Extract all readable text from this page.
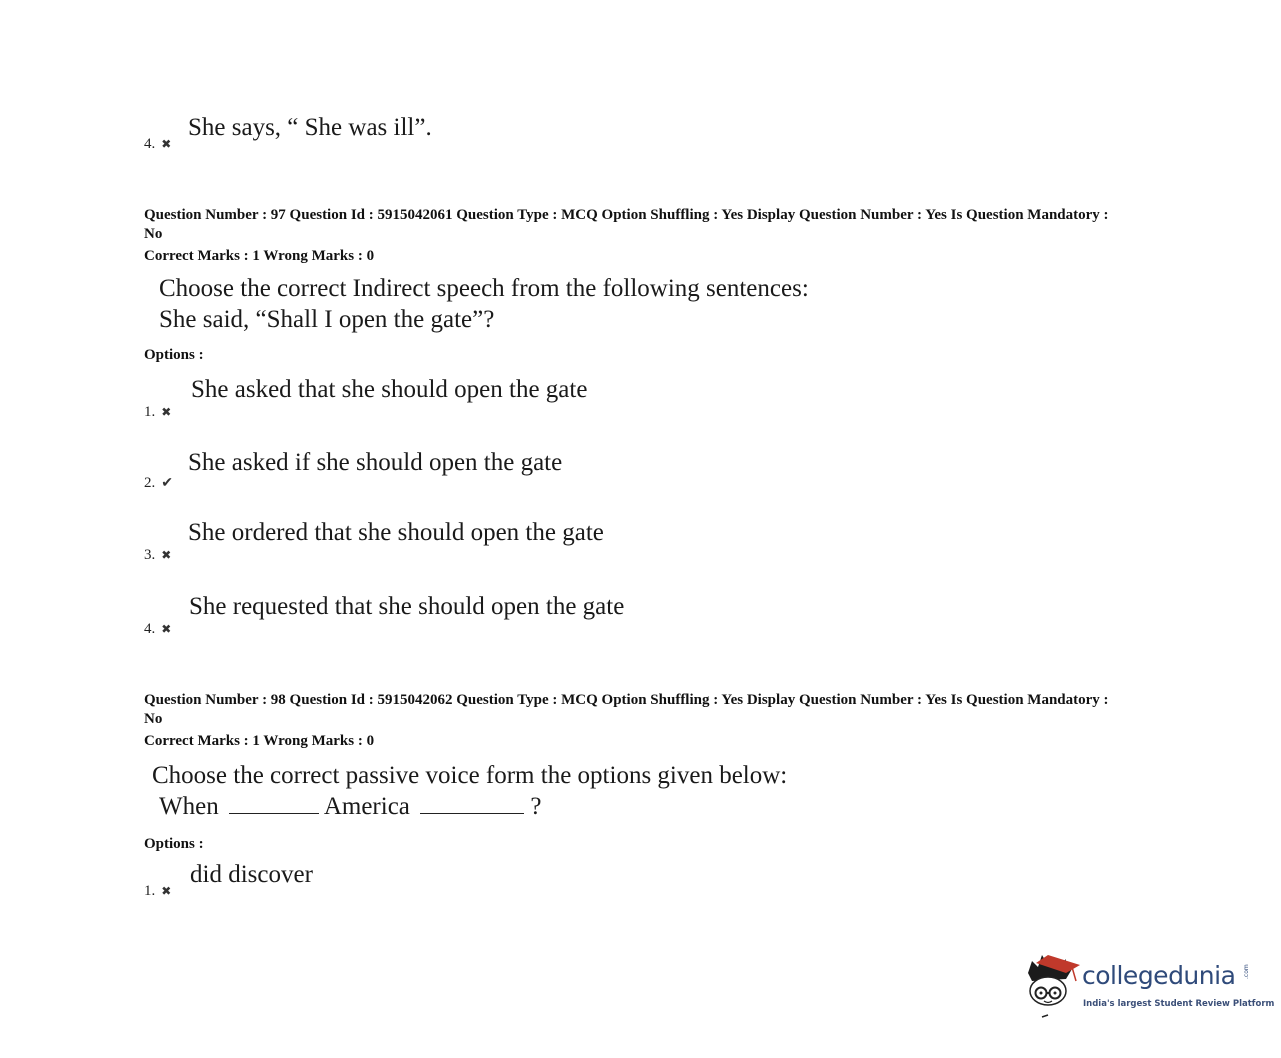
She says, “ She was ill”.
4. ✖
Question Number : 97 Question Id : 5915042061 Question Type : MCQ Option Shuffling : Yes Display Question Number : Yes Is Question Mandatory : No
Correct Marks : 1 Wrong Marks : 0
Choose the correct Indirect speech from the following sentences:
She said, “Shall I open the gate”?
Options :
She asked that she should open the gate
1. ✖
She asked if she should open the gate
2. ✔
She ordered that she should open the gate
3. ✖
She requested that she should open the gate
4. ✖
Question Number : 98 Question Id : 5915042062 Question Type : MCQ Option Shuffling : Yes Display Question Number : Yes Is Question Mandatory : No
Correct Marks : 1 Wrong Marks : 0
Choose the correct passive voice form the options given below:
When	America	?
Options :
did discover
1. ✖
collegedunia .com
India's largest Student Review Platform
